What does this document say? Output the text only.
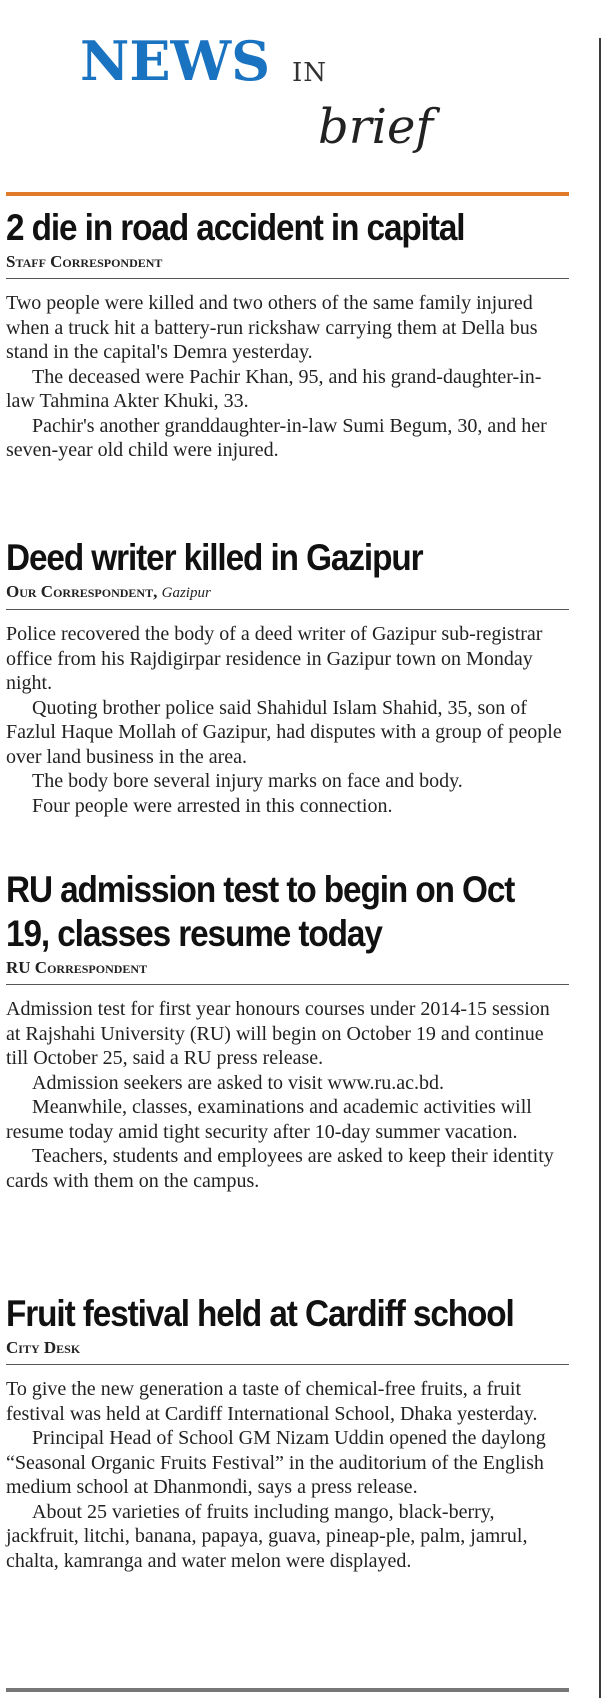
NEWS IN
brief
2 die in road accident in capital
Staff Correspondent

Two people were killed and two others of the same family injured when a truck hit a battery-run rickshaw carrying them at Della bus stand in the capital's Demra yesterday.

The deceased were Pachir Khan, 95, and his grand-daughter-in-law Tahmina Akter Khuki, 33.

Pachir's another granddaughter-in-law Sumi Begum, 30, and her seven-year old child were injured.

Deed writer killed in Gazipur
Our Correspondent, Gazipur

Police recovered the body of a deed writer of Gazipur sub-registrar office from his Rajdigirpar residence in Gazipur town on Monday night.

Quoting brother police said Shahidul Islam Shahid, 35, son of Fazlul Haque Mollah of Gazipur, had disputes with a group of people over land business in the area.

The body bore several injury marks on face and body.

Four people were arrested in this connection.

RU admission test to begin on Oct 19, classes resume today
RU Correspondent

Admission test for first year honours courses under 2014-15 session at Rajshahi University (RU) will begin on October 19 and continue till October 25, said a RU press release.

Admission seekers are asked to visit www.ru.ac.bd.

Meanwhile, classes, examinations and academic activities will resume today amid tight security after 10-day summer vacation.

Teachers, students and employees are asked to keep their identity cards with them on the campus.

Fruit festival held at Cardiff school
City Desk

To give the new generation a taste of chemical-free fruits, a fruit festival was held at Cardiff International School, Dhaka yesterday.

Principal Head of School GM Nizam Uddin opened the daylong “Seasonal Organic Fruits Festival” in the auditorium of the English medium school at Dhanmondi, says a press release.

About 25 varieties of fruits including mango, black-berry, jackfruit, litchi, banana, papaya, guava, pineap-ple, palm, jamrul, chalta, kamranga and water melon were displayed.
